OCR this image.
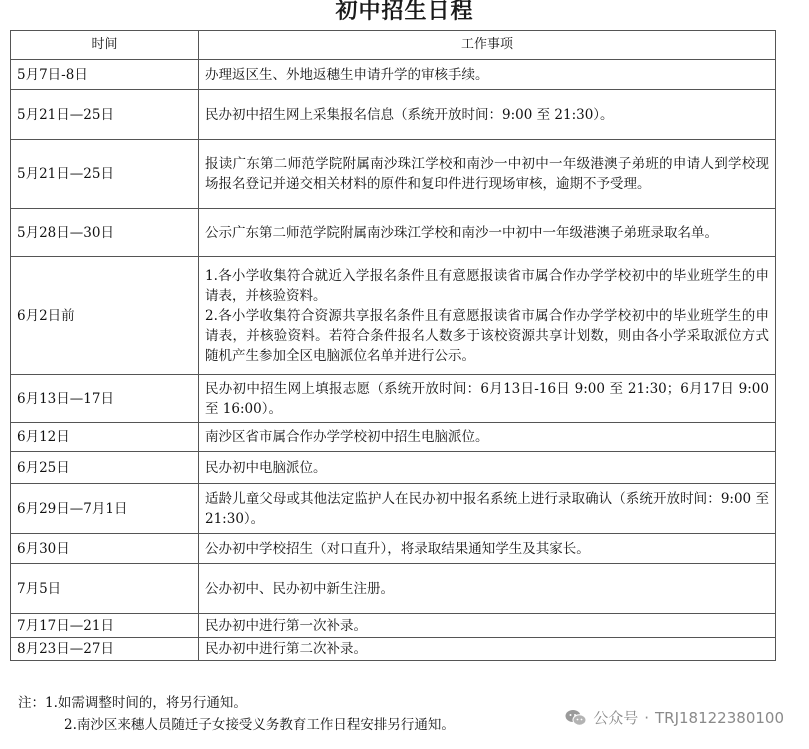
初中招生日程
时间	工作事项
5月7日-8日	办理返区生、外地返穗生申请升学的审核手续。
5月21日—25日	民办初中招生网上采集报名信息（系统开放时间：9:00 至 21:30）。
5月21日—25日	报读广东第二师范学院附属南沙珠江学校和南沙一中初中一年级港澳子弟班的申请人到学校现场报名登记并递交相关材料的原件和复印件进行现场审核，逾期不予受理。
5月28日—30日	公示广东第二师范学院附属南沙珠江学校和南沙一中初中一年级港澳子弟班录取名单。
6月2日前	1.各小学收集符合就近入学报名条件且有意愿报读省市属合作办学学校初中的毕业班学生的申请表，并核验资料。
2.各小学收集符合资源共享报名条件且有意愿报读省市属合作办学学校初中的毕业班学生的申请表，并核验资料。若符合条件报名人数多于该校资源共享计划数，则由各小学采取派位方式随机产生参加全区电脑派位名单并进行公示。

6月13日—17日	民办初中招生网上填报志愿（系统开放时间：6月13日-16日 9:00 至 21:30；6月17日 9:00 至 16:00）。
6月12日	南沙区省市属合作办学学校初中招生电脑派位。
6月25日	民办初中电脑派位。
6月29日—7月1日	适龄儿童父母或其他法定监护人在民办初中报名系统上进行录取确认（系统开放时间：9:00 至 21:30）。
6月30日	公办初中学校招生（对口直升），将录取结果通知学生及其家长。
7月5日	公办初中、民办初中新生注册。
7月17日—21日	民办初中进行第一次补录。
8月23日—27日	民办初中进行第二次补录。
注：1.如需调整时间的，将另行通知。
2.南沙区来穗人员随迁子女接受义务教育工作日程安排另行通知。	公众号 · TRJ18122380100
